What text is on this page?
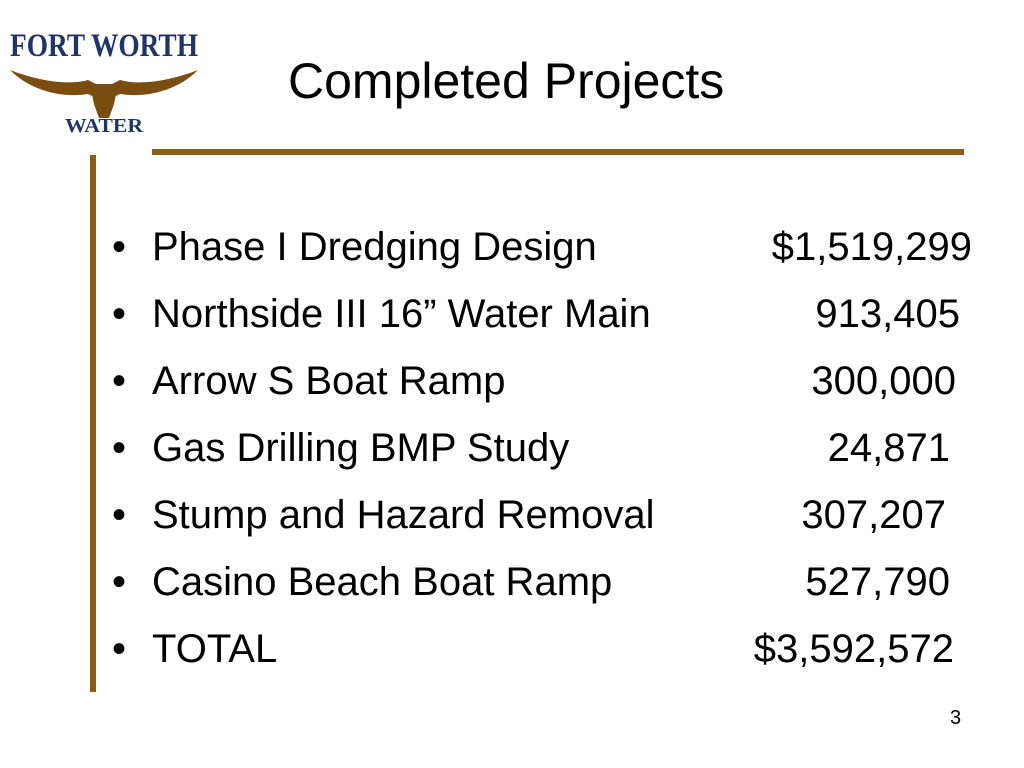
FORT WORTH
WATER
Completed Projects
• Phase I Dredging Design	$1,519,299
• Northside III 16” Water Main	913,405
• Arrow S Boat Ramp	300,000
• Gas Drilling BMP Study	24,871
• Stump and Hazard Removal	307,207
• Casino Beach Boat Ramp	527,790
• TOTAL	$3,592,572
3
